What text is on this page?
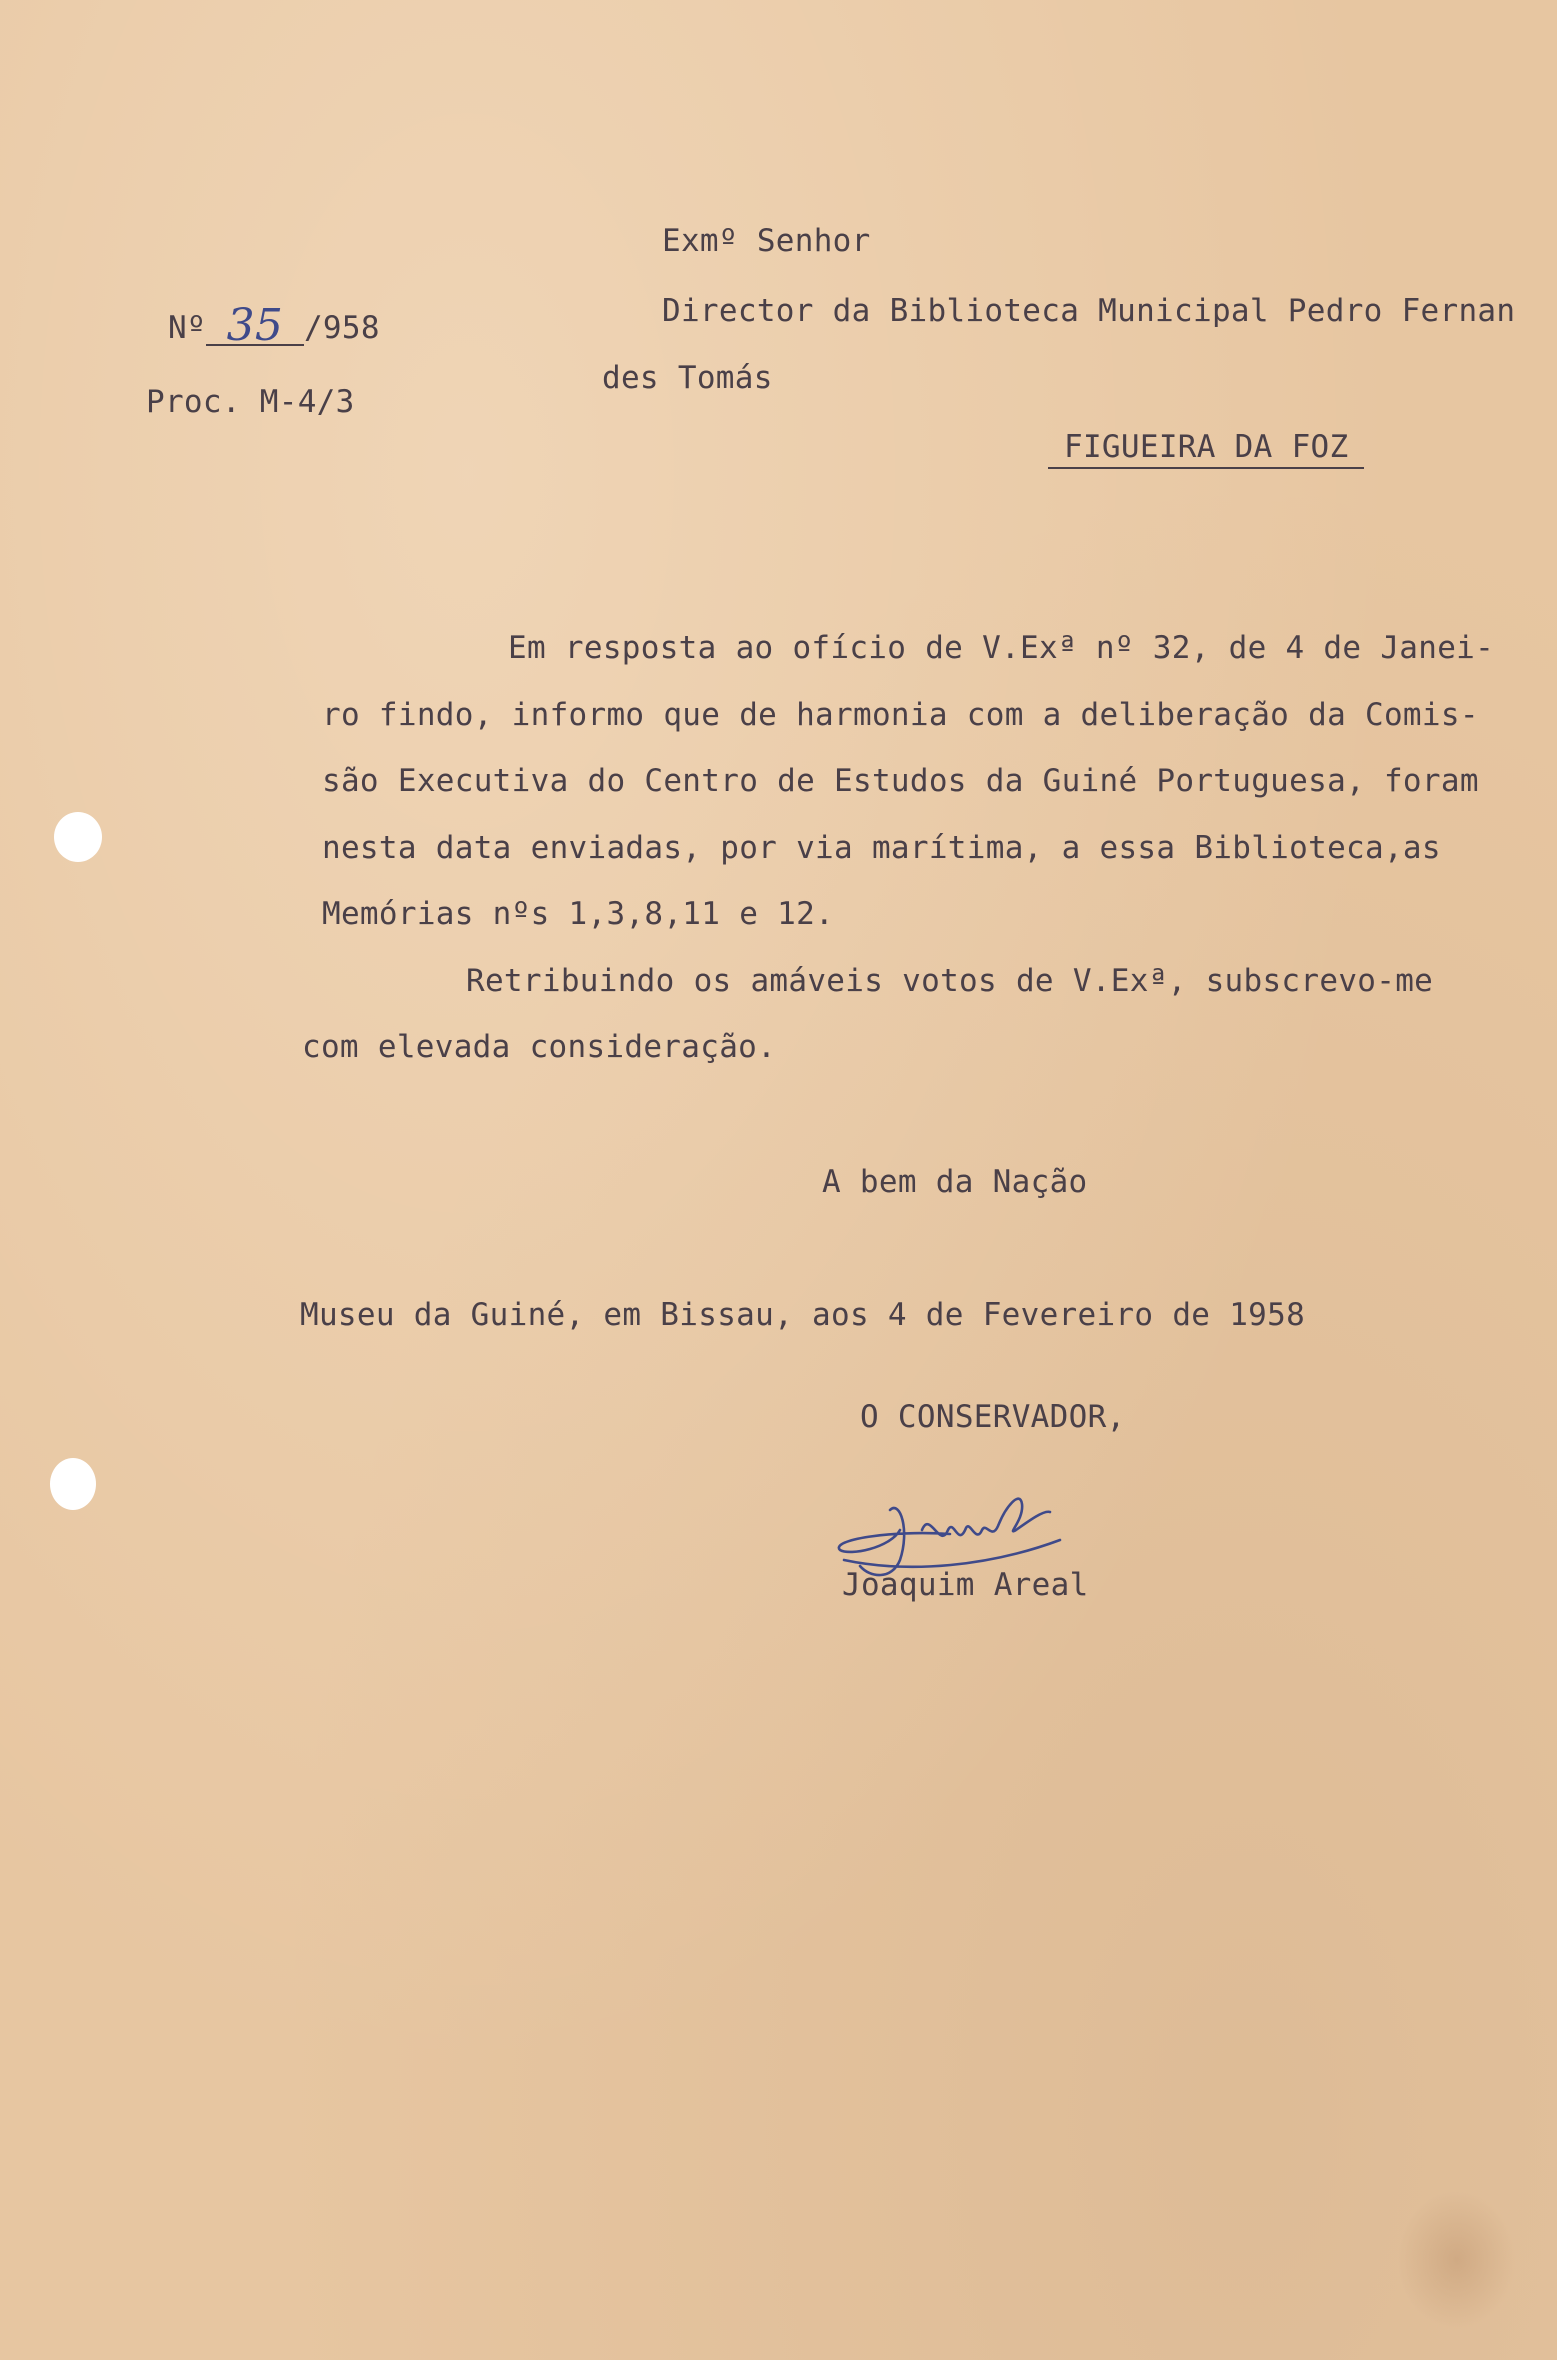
Nº 35 /958
Proc. M-4/3
Exmº Senhor
Director da Biblioteca Municipal Pedro Fernan
des Tomás
FIGUEIRA DA FOZ
Em resposta ao ofício de V.Exª nº 32, de 4 de Janei-
ro findo, informo que de harmonia com a deliberação da Comis-
são Executiva do Centro de Estudos da Guiné Portuguesa, foram
nesta data enviadas, por via marítima, a essa Biblioteca,as
Memórias nºs 1,3,8,11 e 12.
Retribuindo os amáveis votos de V.Exª, subscrevo-me
com elevada consideração.
A bem da Nação
Museu da Guiné, em Bissau, aos 4 de Fevereiro de 1958
O CONSERVADOR,
Joaquim Areal
